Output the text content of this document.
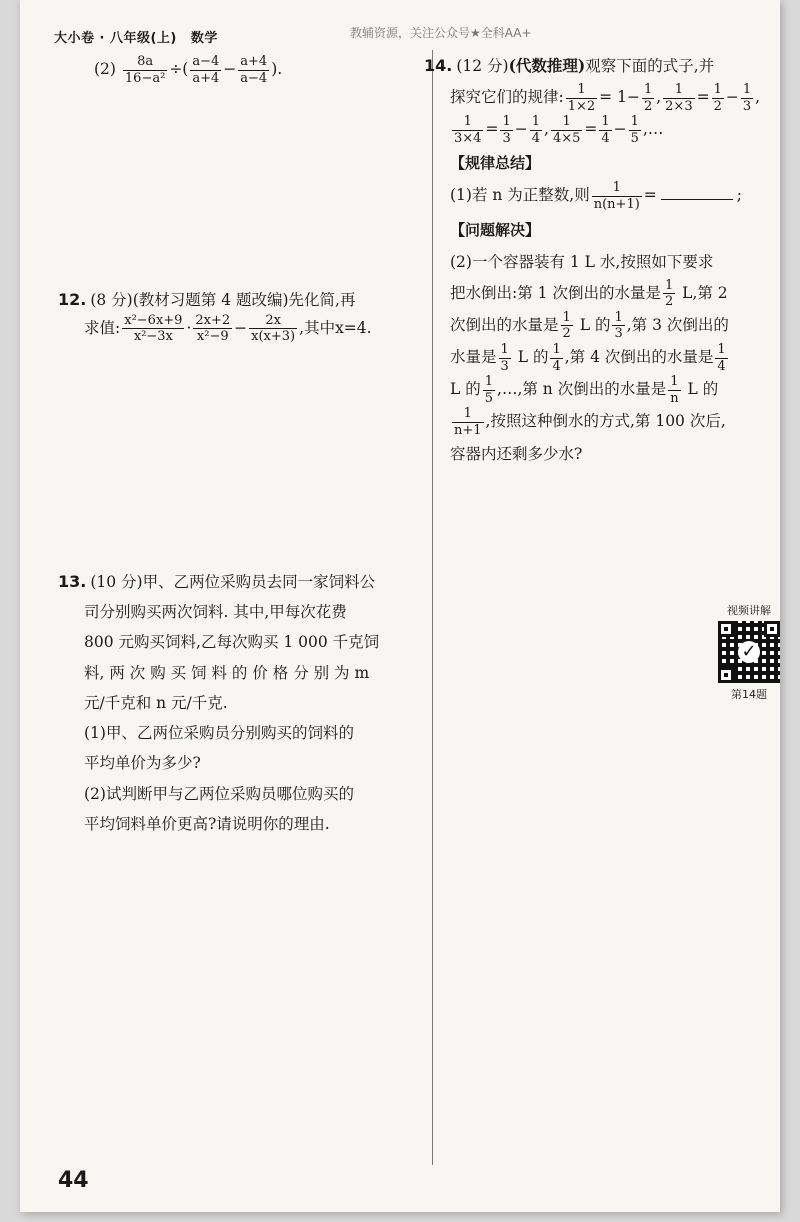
大小卷 · 八年级(上) 数学	教辅资源，关注公众号★全科AA+
$(2) \frac{8a}{\text{16−a²}}$ ÷( $\frac{a-4}{a+4} - \frac{a+4}{a-4}$ ).
12. (8 分)(教材习题第 4 题改编)先化简,再
求值: $\frac{\text{x²−6x+9}}{\text{x²−3x}} \cdot \frac{2x+2}{\text{x²−9}} - \frac{2x}{x(x+3)}$ ,其中x=4.
13. (10 分)甲、乙两位采购员去同一家饲料公
司分别购买两次饲料. 其中,甲每次花费
800 元购买饲料,乙每次购买 1 000 千克饲
料, 两 次 购 买 饲 料 的 价 格 分 别 为 m
元/千克和 n 元/千克.
(1)甲、乙两位采购员分别购买的饲料的
平均单价为多少?
(2)试判断甲与乙两位采购员哪位购买的
平均饲料单价更高?请说明你的理由.
14. (12 分)(代数推理)观察下面的式子,并
探究它们的规律: $\frac{1}{1\times 2} = 1- \frac{1}{2}$ , $\frac{1}{2\times 3} = \frac{1}{2} - \frac{1}{3}$ ,
$\frac{1}{3\times 4} = \frac{1}{3} - \frac{1}{4}$ , $\frac{1}{4\times 5} = \frac{1}{4} - \frac{1}{5}$ ,…
【规律总结】
(1)若 n 为正整数,则 $\frac{1}{n(n+1)}$ =	;
【问题解决】
(2)一个容器装有 1 L 水,按照如下要求
把水倒出:第 1 次倒出的水量是 $\frac{1}{2} L$,第 2
次倒出的水量是 $\frac{1}{2}$ L 的 $\frac{1}{3}$ ,第 3 次倒出的
水量是 $\frac{1}{3}$ L 的 $\frac{1}{4}$ ,第 4 次倒出的水量是 $\frac{1}{4}$
L 的 $\frac{1}{5}$ ,…,第 n 次倒出的水量是 $\frac{1}{n}$ L 的
$\frac{1}{n+1}$ ,按照这种倒水的方式,第 100 次后,
容器内还剩多少水?
视频讲解
✓
第14题
44
